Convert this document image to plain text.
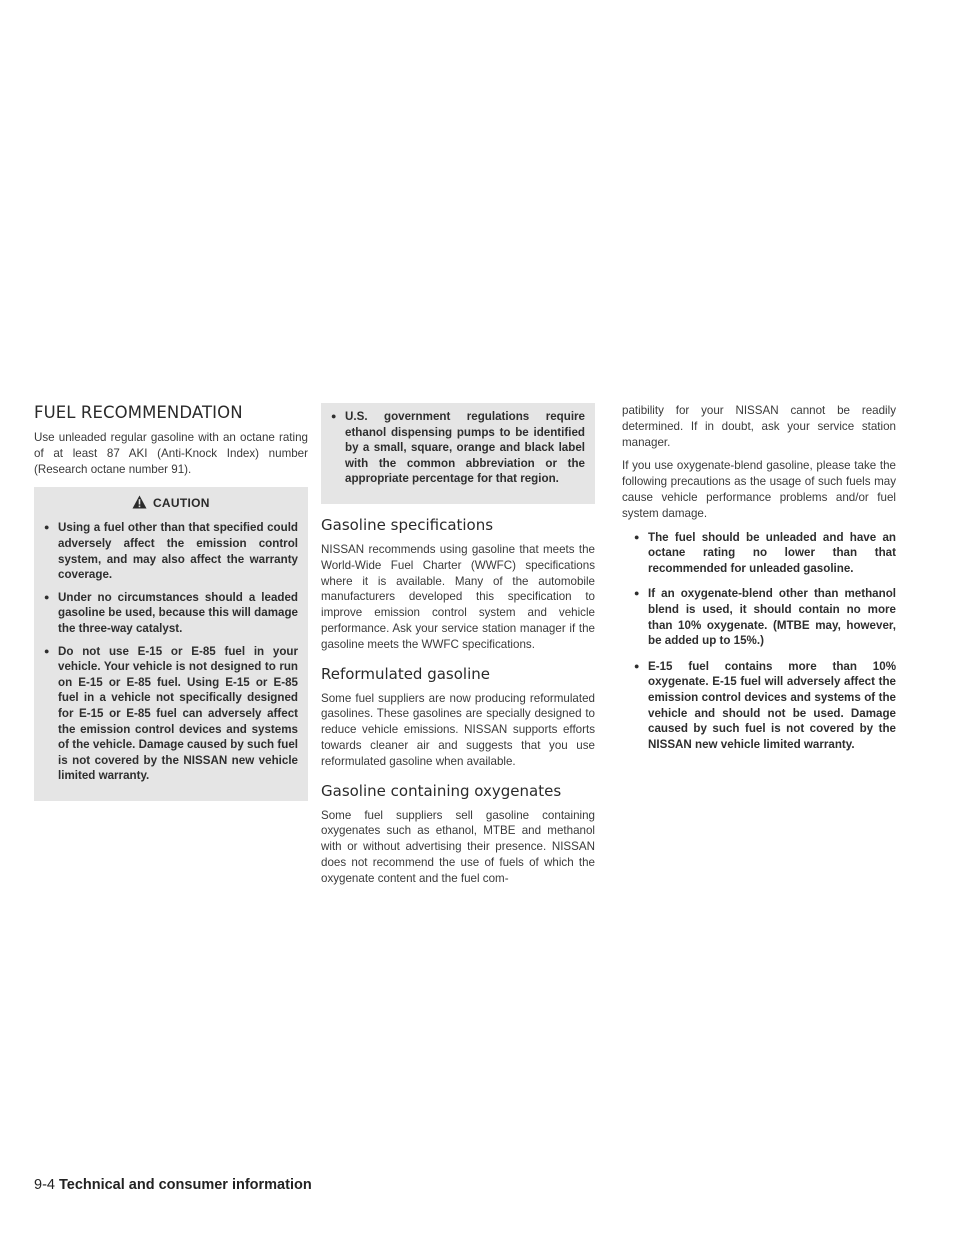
FUEL RECOMMENDATION

Use unleaded regular gasoline with an octane rating of at least 87 AKI (Anti-Knock Index) number (Research octane number 91).

CAUTION
● Using a fuel other than that specified could adversely affect the emission control system, and may also affect the warranty coverage.
● Under no circumstances should a leaded gasoline be used, because this will damage the three-way catalyst.
● Do not use E-15 or E-85 fuel in your vehicle. Your vehicle is not designed to run on E-15 or E-85 fuel. Using E-15 or E-85 fuel in a vehicle not specifically designed for E-15 or E-85 fuel can adversely affect the emission control devices and systems of the vehicle. Damage caused by such fuel is not covered by the NISSAN new vehicle limited warranty.
● U.S. government regulations require ethanol dispensing pumps to be identified by a small, square, orange and black label with the common abbreviation or the appropriate percentage for that region.
Gasoline specifications

NISSAN recommends using gasoline that meets the World-Wide Fuel Charter (WWFC) specifications where it is available. Many of the automobile manufacturers developed this specification to improve emission control system and vehicle performance. Ask your service station manager if the gasoline meets the WWFC specifications.

Reformulated gasoline

Some fuel suppliers are now producing reformulated gasolines. These gasolines are specially designed to reduce vehicle emissions. NISSAN supports efforts towards cleaner air and suggests that you use reformulated gasoline when available.

Gasoline containing oxygenates

Some fuel suppliers sell gasoline containing oxygenates such as ethanol, MTBE and methanol with or without advertising their presence. NISSAN does not recommend the use of fuels of which the oxygenate content and the fuel com-

patibility for your NISSAN cannot be readily determined. If in doubt, ask your service station manager.

If you use oxygenate-blend gasoline, please take the following precautions as the usage of such fuels may cause vehicle performance problems and/or fuel system damage.

● The fuel should be unleaded and have an octane rating no lower than that recommended for unleaded gasoline.
● If an oxygenate-blend other than methanol blend is used, it should contain no more than 10% oxygenate. (MTBE may, however, be added up to 15%.)
● E-15 fuel contains more than 10% oxygenate. E-15 fuel will adversely affect the emission control devices and systems of the vehicle and should not be used. Damage caused by such fuel is not covered by the NISSAN new vehicle limited warranty.
9-4 Technical and consumer information
